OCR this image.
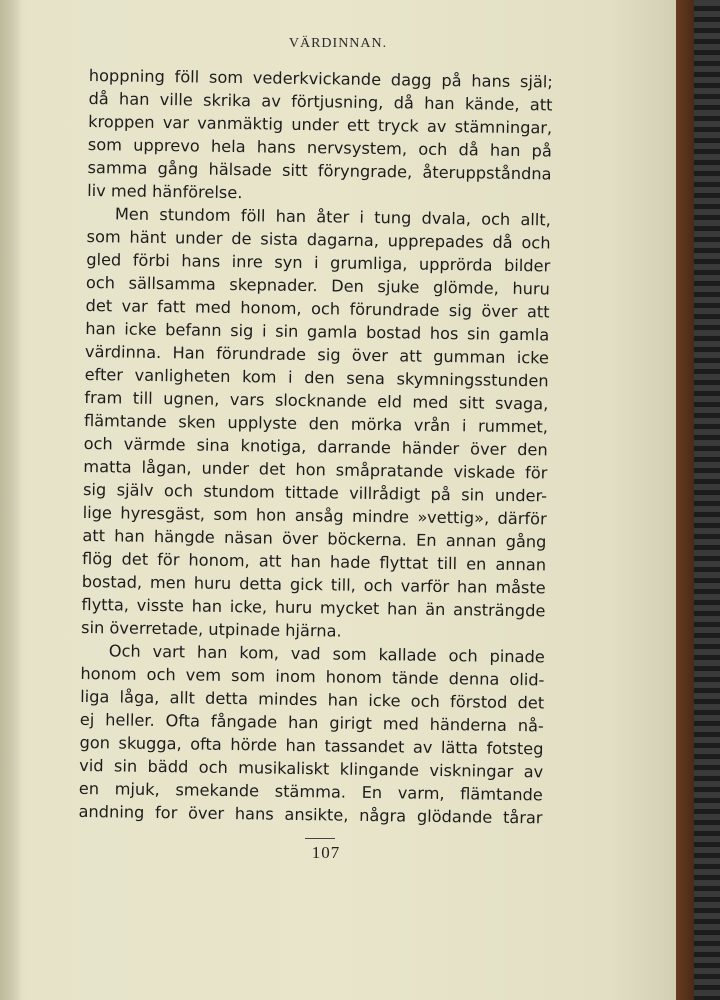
VÄRDINNAN.
hoppning föll som vederkvickande dagg på hans själ;
då han ville skrika av förtjusning, då han kände, att
kroppen var vanmäktig under ett tryck av stämningar,
som upprevo hela hans nervsystem, och då han på
samma gång hälsade sitt föryngrade, återuppståndna
liv med hänförelse.
Men stundom föll han åter i tung dvala, och allt,
som hänt under de sista dagarna, upprepades då och
gled förbi hans inre syn i grumliga, upprörda bilder
och sällsamma skepnader. Den sjuke glömde, huru
det var fatt med honom, och förundrade sig över att
han icke befann sig i sin gamla bostad hos sin gamla
värdinna. Han förundrade sig över att gumman icke
efter vanligheten kom i den sena skymningsstunden
fram till ugnen, vars slocknande eld med sitt svaga,
flämtande sken upplyste den mörka vrån i rummet,
och värmde sina knotiga, darrande händer över den
matta lågan, under det hon småpratande viskade för
sig själv och stundom tittade villrådigt på sin under-
lige hyresgäst, som hon ansåg mindre »vettig», därför
att han hängde näsan över böckerna. En annan gång
flög det för honom, att han hade flyttat till en annan
bostad, men huru detta gick till, och varför han måste
flytta, visste han icke, huru mycket han än ansträngde
sin överretade, utpinade hjärna.
Och vart han kom, vad som kallade och pinade
honom och vem som inom honom tände denna olid-
liga låga, allt detta mindes han icke och förstod det
ej heller. Ofta fångade han girigt med händerna nå-
gon skugga, ofta hörde han tassandet av lätta fotsteg
vid sin bädd och musikaliskt klingande viskningar av
en mjuk, smekande stämma. En varm, flämtande
andning for över hans ansikte, några glödande tårar
107
